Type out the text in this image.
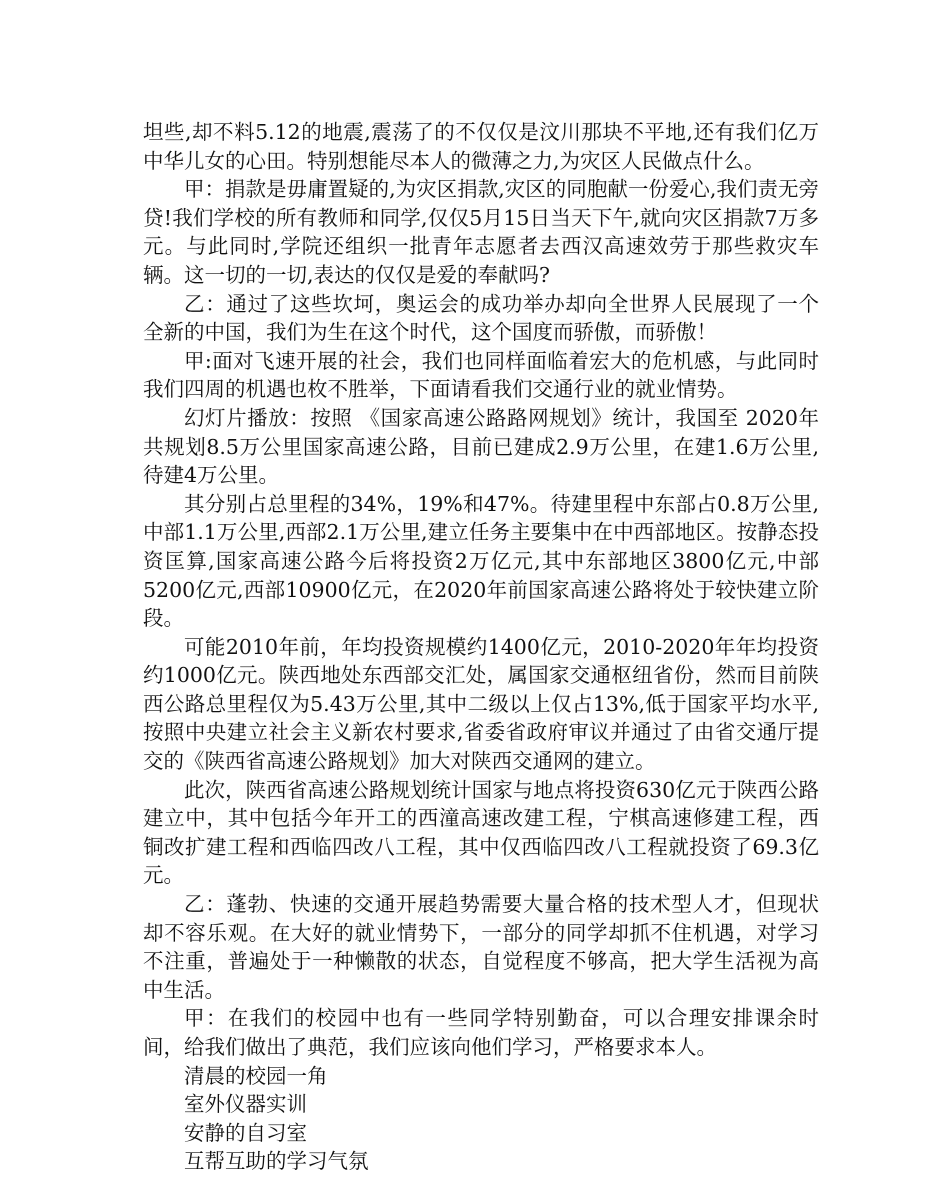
坦些,却不料5.12的地震,震荡了的不仅仅是汶川那块不平地,还有我们亿万中华儿女的心田。特别想能尽本人的微薄之力,为灾区人民做点什么。

甲：捐款是毋庸置疑的,为灾区捐款,灾区的同胞献一份爱心,我们责无旁贷!我们学校的所有教师和同学,仅仅5月15日当天下午,就向灾区捐款7万多元。与此同时,学院还组织一批青年志愿者去西汉高速效劳于那些救灾车辆。这一切的一切,表达的仅仅是爱的奉献吗?

乙：通过了这些坎坷，奥运会的成功举办却向全世界人民展现了一个全新的中国，我们为生在这个时代，这个国度而骄傲，而骄傲！

甲:面对飞速开展的社会，我们也同样面临着宏大的危机感，与此同时我们四周的机遇也枚不胜举，下面请看我们交通行业的就业情势。

幻灯片播放：按照 《国家高速公路路网规划》统计，我国至 2020年共规划8.5万公里国家高速公路，目前已建成2.9万公里，在建1.6万公里,待建4万公里。

其分别占总里程的34%，19%和47%。待建里程中东部占0.8万公里,中部1.1万公里,西部2.1万公里,建立任务主要集中在中西部地区。按静态投资匡算,国家高速公路今后将投资2万亿元,其中东部地区3800亿元,中部5200亿元,西部10900亿元，在2020年前国家高速公路将处于较快建立阶段。

可能2010年前，年均投资规模约1400亿元，2010-2020年年均投资约1000亿元。陕西地处东西部交汇处，属国家交通枢纽省份，然而目前陕西公路总里程仅为5.43万公里,其中二级以上仅占13%,低于国家平均水平,按照中央建立社会主义新农村要求,省委省政府审议并通过了由省交通厅提交的《陕西省高速公路规划》加大对陕西交通网的建立。

此次，陕西省高速公路规划统计国家与地点将投资630亿元于陕西公路建立中，其中包括今年开工的西潼高速改建工程，宁棋高速修建工程，西铜改扩建工程和西临四改八工程，其中仅西临四改八工程就投资了69.3亿元。

乙：蓬勃、快速的交通开展趋势需要大量合格的技术型人才，但现状却不容乐观。在大好的就业情势下，一部分的同学却抓不住机遇，对学习不注重，普遍处于一种懒散的状态，自觉程度不够高，把大学生活视为高中生活。

甲：在我们的校园中也有一些同学特别勤奋，可以合理安排课余时间，给我们做出了典范，我们应该向他们学习，严格要求本人。

清晨的校园一角

室外仪器实训

安静的自习室

互帮互助的学习气氛
